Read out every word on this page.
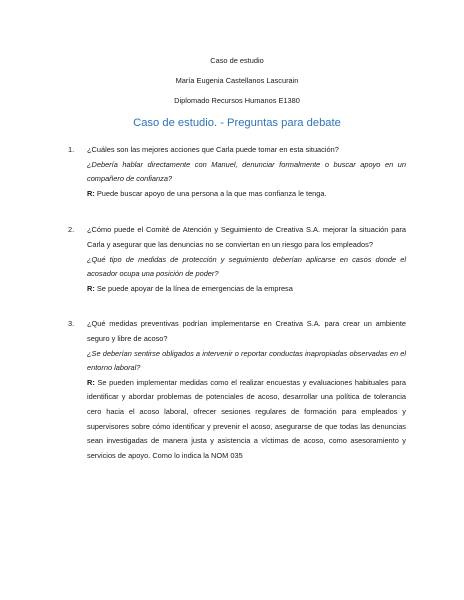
Caso de estudio
María Eugenia Castellanos Lascurain
Diplomado Recursos Humanos E1380
Caso de estudio. - Preguntas para debate
1. ¿Cuáles son las mejores acciones que Carla puede tomar en esta situación?
¿Debería hablar directamente con Manuel, denunciar formalmente o buscar apoyo en un compañero de confianza?
R: Puede buscar apoyo de una persona a la que mas confianza le tenga.
2. ¿Cómo puede el Comité de Atención y Seguimiento de Creativa S.A. mejorar la situación para Carla y asegurar que las denuncias no se conviertan en un riesgo para los empleados?
¿Qué tipo de medidas de protección y seguimiento deberían aplicarse en casos donde el acosador ocupa una posición de poder?
R: Se puede apoyar de la línea de emergencias de la empresa
3. ¿Qué medidas preventivas podrían implementarse en Creativa S.A. para crear un ambiente seguro y libre de acoso?
¿Se deberían sentirse obligados a intervenir o reportar conductas inapropiadas observadas en el entorno laboral?
R: Se pueden implementar medidas como el realizar encuestas y evaluaciones habituales para identificar y abordar problemas de potenciales de acoso, desarrollar una política de tolerancia cero hacia el acoso laboral, ofrecer sesiones regulares de formación para empleados y supervisores sobre cómo identificar y prevenir el acoso, asegurarse de que todas las denuncias sean investigadas de manera justa y asistencia a víctimas de acoso, como asesoramiento y servicios de apoyo. Como lo indica la NOM 035
